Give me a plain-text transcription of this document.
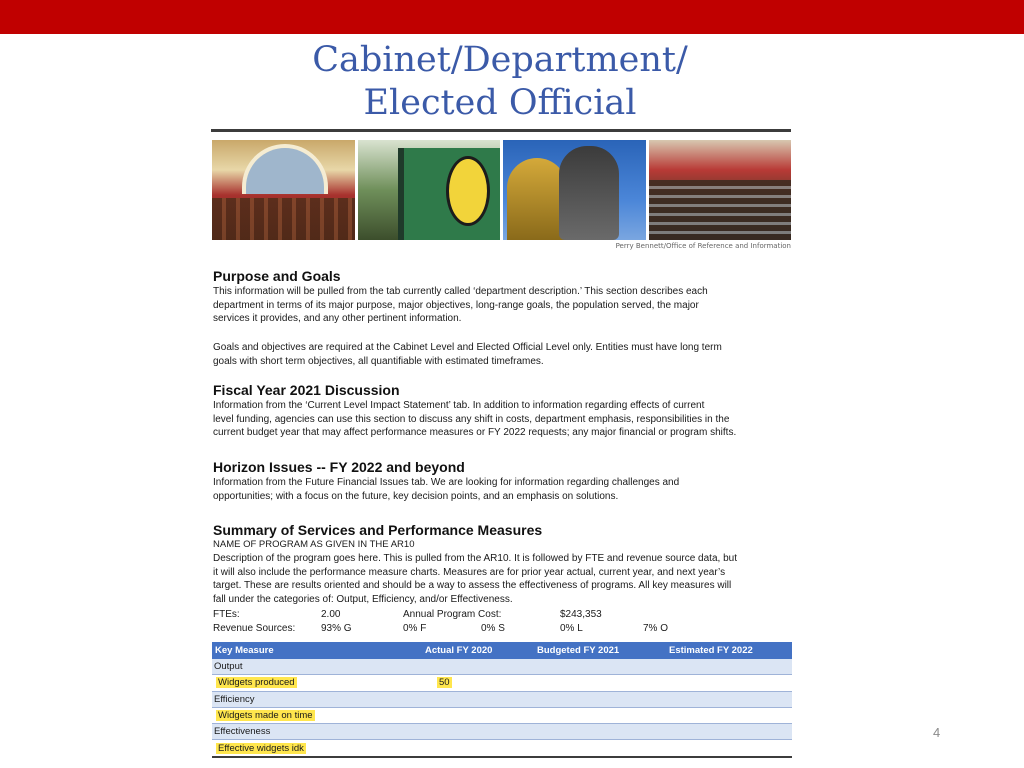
Cabinet/Department/
Elected Official
Perry Bennett/Office of Reference and Information
Purpose and Goals
This information will be pulled from the tab currently called ‘department description.’ This section describes each
department in terms of its major purpose, major objectives, long-range goals, the population served, the major
services it provides, and any other pertinent information.
Goals and objectives are required at the Cabinet Level and Elected Official Level only. Entities must have long term
goals with short term objectives, all quantifiable with estimated timeframes.
Fiscal Year 2021 Discussion
Information from the ‘Current Level Impact Statement’ tab. In addition to information regarding effects of current
level funding, agencies can use this section to discuss any shift in costs, department emphasis, responsibilities in the
current budget year that may affect performance measures or FY 2022 requests; any major financial or program shifts.
Horizon Issues -- FY 2022 and beyond
Information from the Future Financial Issues tab. We are looking for information regarding challenges and
opportunities; with a focus on the future, key decision points, and an emphasis on solutions.
Summary of Services and Performance Measures
NAME OF PROGRAM AS GIVEN IN THE AR10
Description of the program goes here. This is pulled from the AR10. It is followed by FTE and revenue source data, but
it will also include the performance measure charts. Measures are for prior year actual, current year, and next year’s
target. These are results oriented and should be a way to assess the effectiveness of programs. All key measures will
fall under the categories of: Output, Efficiency, and/or Effectiveness.
FTEs:	2.00	Annual Program Cost:	$243,353
Revenue Sources:	93% G	0% F	0% S	0% L	7% O
Key Measure	Actual FY 2020	Budgeted FY 2021	Estimated FY 2022
Output
Widgets produced	50
Efficiency
Widgets made on time
Effectiveness
Effective widgets idk
4
